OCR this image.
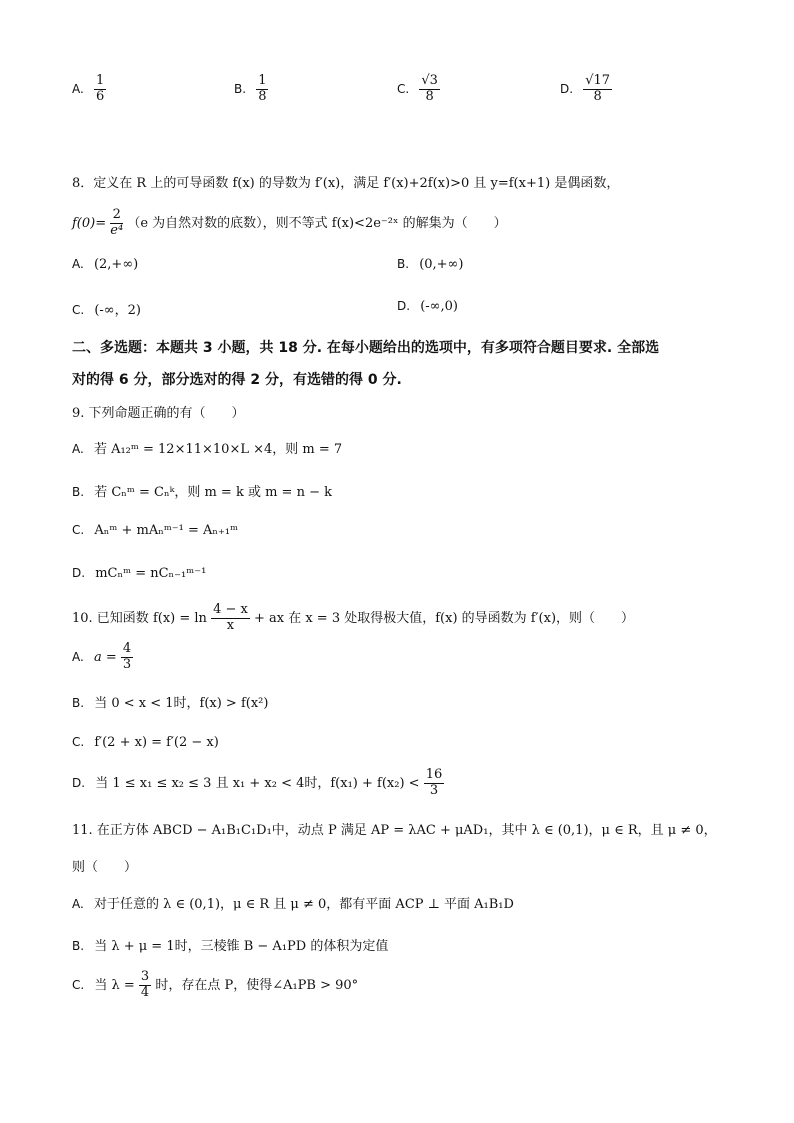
A. $\frac{1}{6}$	B. $\frac{1}{8}$	C. $\frac{√3}{8}$	D. $\frac{√17}{8}$
8．定义在 R 上的可导函数 f(x) 的导数为 f′(x)，满足 f′(x)+2f(x)>0 且 y=f(x+1) 是偶函数，
$f(0)= \frac{2}{\text{e⁴}} (e$ 为自然对数的底数），则不等式 f(x)<2e⁻²ˣ 的解集为（　　）
A. (2,+∞)	B. (0,+∞)
C. (-∞，2)	D. (-∞,0)
二、多选题：本题共 3 小题，共 18 分. 在每小题给出的选项中，有多项符合题目要求. 全部选
对的得 6 分，部分选对的得 2 分，有选错的得 0 分.
9. 下列命题正确的有（　　）
A. 若 A₁₂ᵐ = 12×11×10×L ×4，则 m = 7
B. 若 Cₙᵐ = Cₙᵏ，则 m = k 或 m = n − k
C. Aₙᵐ + mAₙᵐ⁻¹ = Aₙ₊₁ᵐ
D. mCₙᵐ = nCₙ₋₁ᵐ⁻¹
10. 已知函数 $f(x) = \ln \frac{4 - x}{x}$ + ax 在 x = 3 处取得极大值，f(x) 的导函数为 f′(x)，则（　　）
A. $a = \frac{4}{3}$
B. 当 0 < x < 1时，f(x) > f(x²)
C. f′(2 + x) = f′(2 − x)
D. 当 1 ≤ x₁ ≤ x₂ ≤ 3 且 x₁ + x₂ < 4时，$f(x_1) + f(x_2) < \frac{16}{3}$
11. 在正方体 ABCD − A₁B₁C₁D₁中，动点 P 满足 AP = λAC + μAD₁，其中 λ ∈ (0,1)，μ ∈ R，且 μ ≠ 0，
则（　　）
A. 对于任意的 λ ∈ (0,1)，μ ∈ R 且 μ ≠ 0，都有平面 ACP ⊥ 平面 A₁B₁D
B. 当 λ + μ = 1时，三棱锥 B − A₁PD 的体积为定值
C. 当 $\lambda = \frac{3}{4}$ 时，存在点 P，使得∠A₁PB > 90°
